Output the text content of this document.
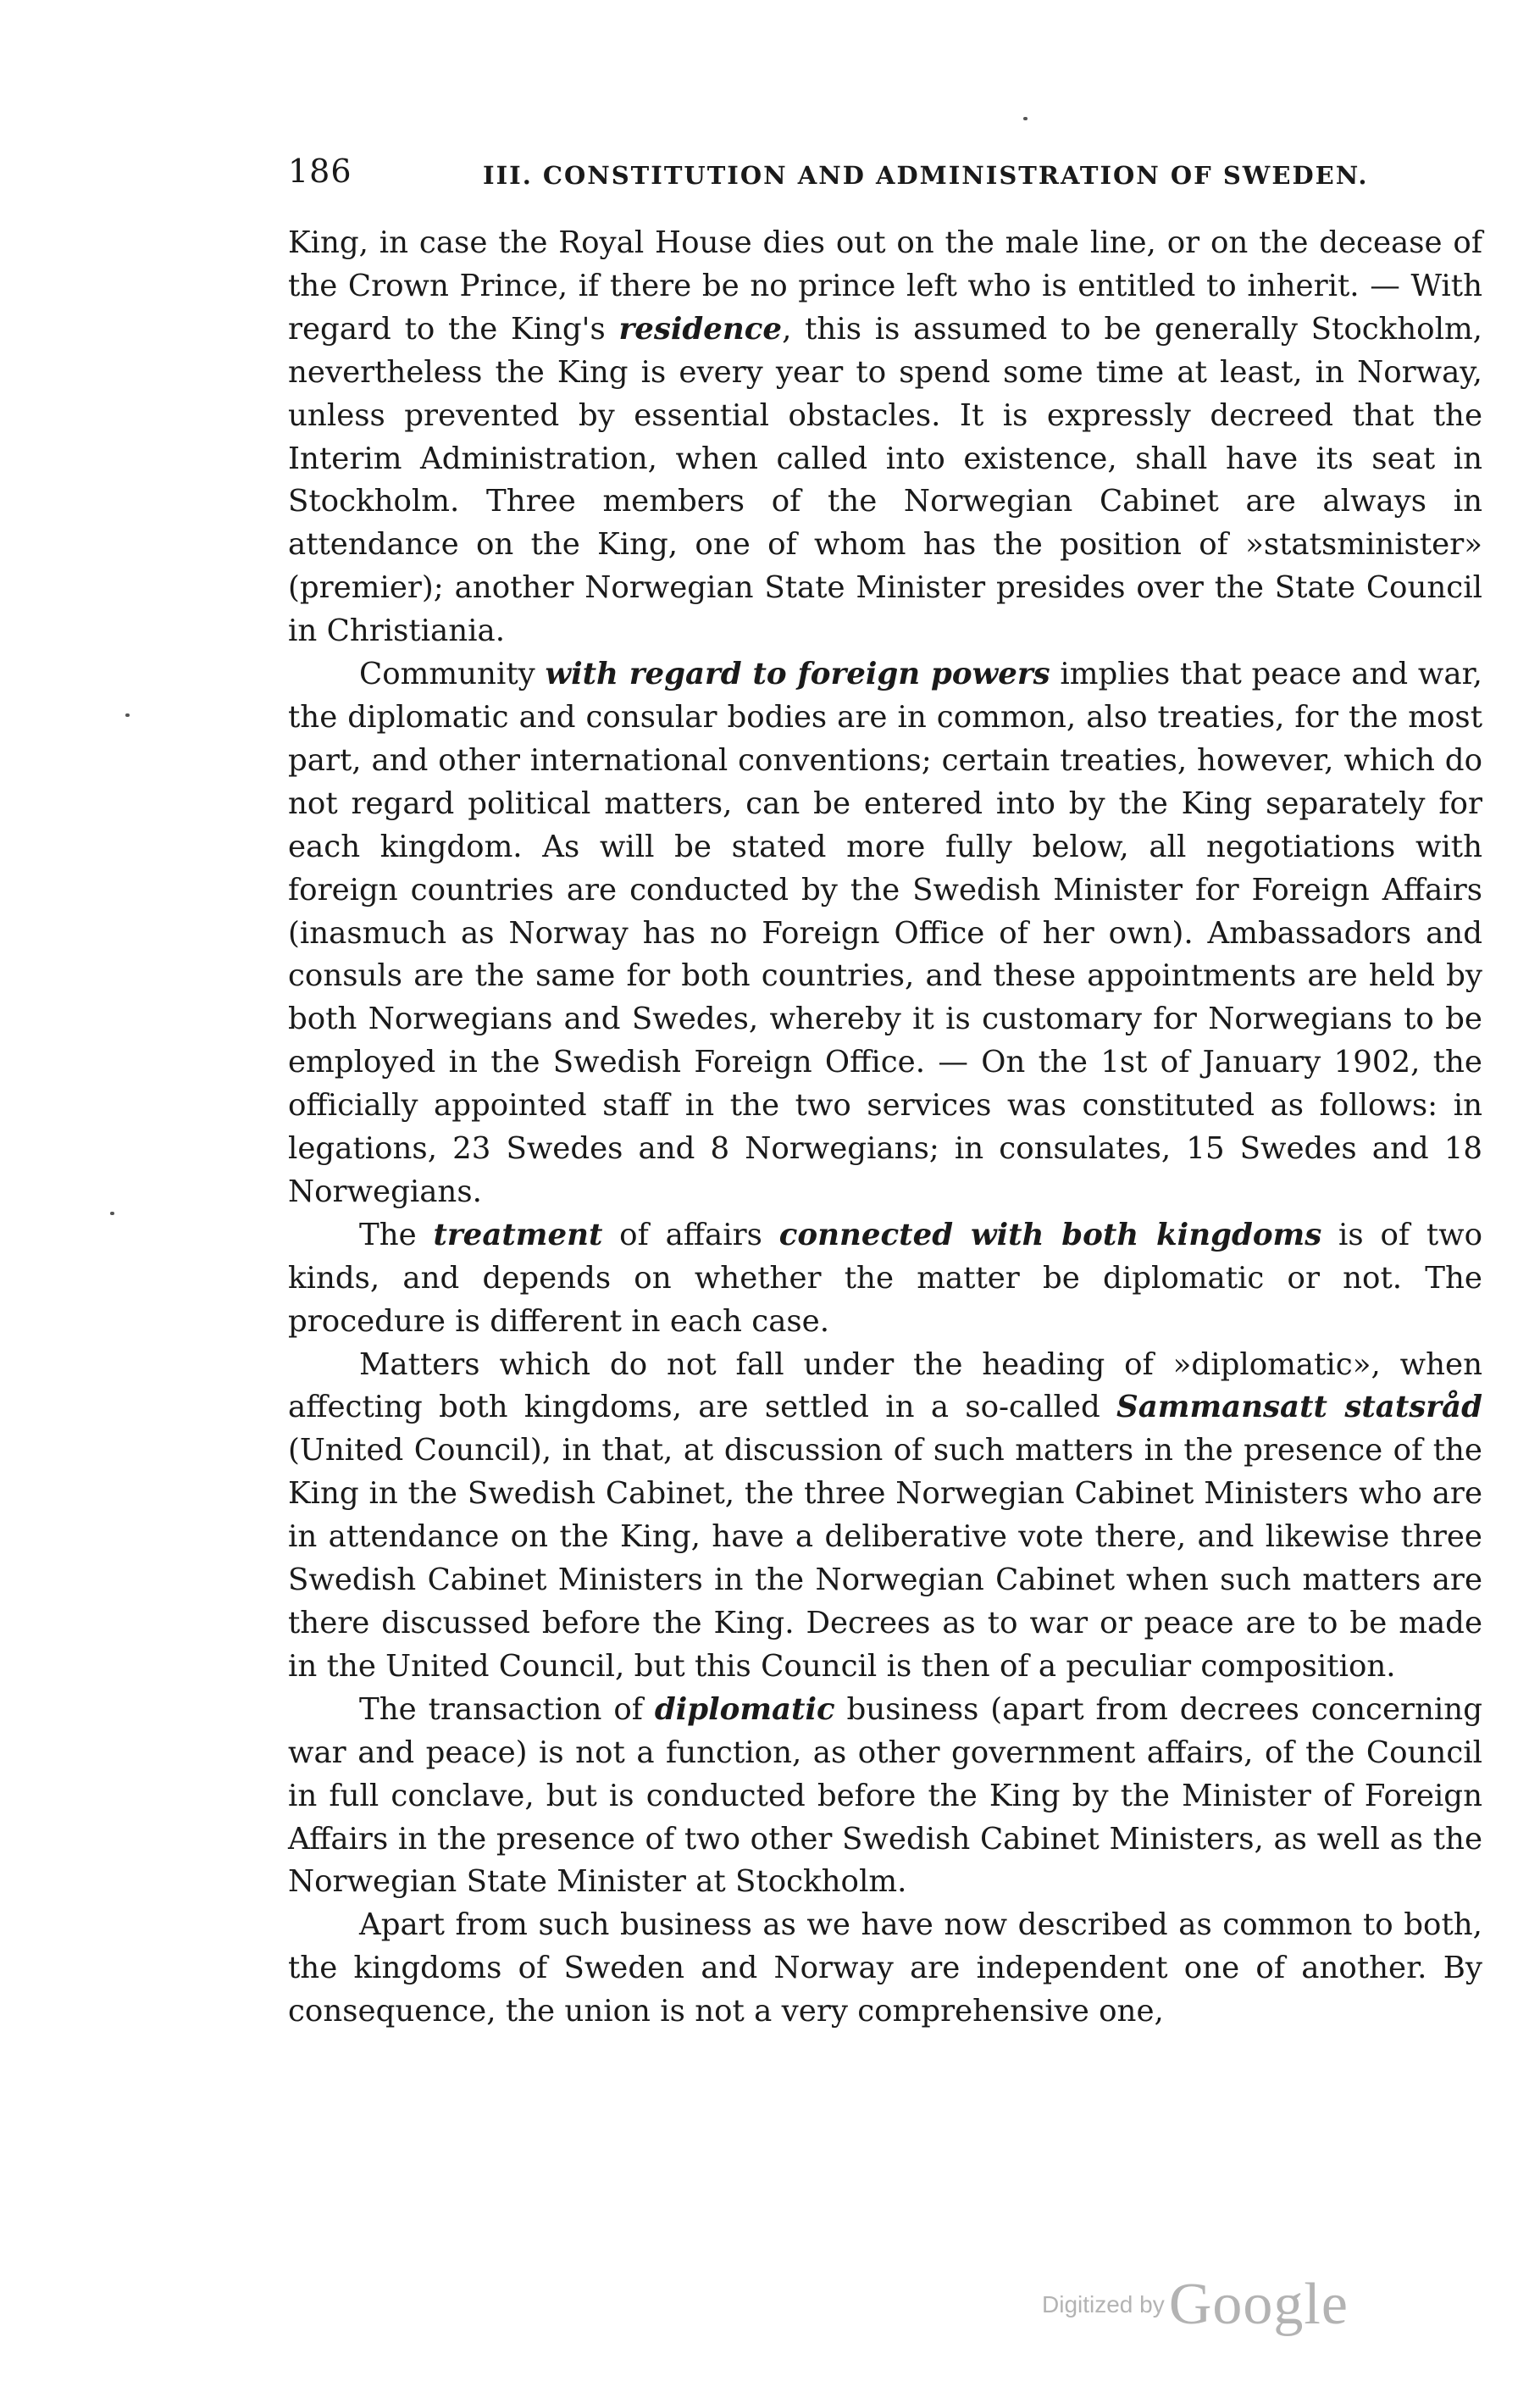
186	III. CONSTITUTION AND ADMINISTRATION OF SWEDEN.

King, in case the Royal House dies out on the male line, or on the decease of the Crown Prince, if there be no prince left who is entitled to inherit. — With regard to the King's residence, this is assumed to be generally Stockholm, nevertheless the King is every year to spend some time at least, in Norway, unless prevented by essential obstacles. It is expressly decreed that the Interim Administration, when called into existence, shall have its seat in Stockholm. Three members of the Norwegian Cabinet are always in attendance on the King, one of whom has the position of »statsminister» (premier); another Norwegian State Minister presides over the State Council in Christiania.

Community with regard to foreign powers implies that peace and war, the diplomatic and consular bodies are in common, also treaties, for the most part, and other international conventions; certain treaties, however, which do not regard political matters, can be entered into by the King separately for each kingdom. As will be stated more fully below, all negotiations with foreign countries are conducted by the Swedish Minister for Foreign Affairs (inasmuch as Norway has no Foreign Office of her own). Ambassadors and consuls are the same for both countries, and these appointments are held by both Norwegians and Swedes, whereby it is customary for Norwegians to be employed in the Swedish Foreign Office. — On the 1st of January 1902, the officially appointed staff in the two services was constituted as follows: in legations, 23 Swedes and 8 Norwegians; in consulates, 15 Swedes and 18 Norwegians.

The treatment of affairs connected with both kingdoms is of two kinds, and depends on whether the matter be diplomatic or not. The procedure is different in each case.

Matters which do not fall under the heading of »diplomatic», when affecting both kingdoms, are settled in a so-called Sammansatt statsråd (United Council), in that, at discussion of such matters in the presence of the King in the Swedish Cabinet, the three Norwegian Cabinet Ministers who are in attendance on the King, have a deliberative vote there, and likewise three Swedish Cabinet Ministers in the Norwegian Cabinet when such matters are there discussed before the King. Decrees as to war or peace are to be made in the United Council, but this Council is then of a peculiar composition.

The transaction of diplomatic business (apart from decrees concerning war and peace) is not a function, as other government affairs, of the Council in full conclave, but is conducted before the King by the Minister of Foreign Affairs in the presence of two other Swedish Cabinet Ministers, as well as the Norwegian State Minister at Stockholm.

Apart from such business as we have now described as common to both, the kingdoms of Sweden and Norway are independent one of another. By consequence, the union is not a very comprehensive one,

Digitized by Google
